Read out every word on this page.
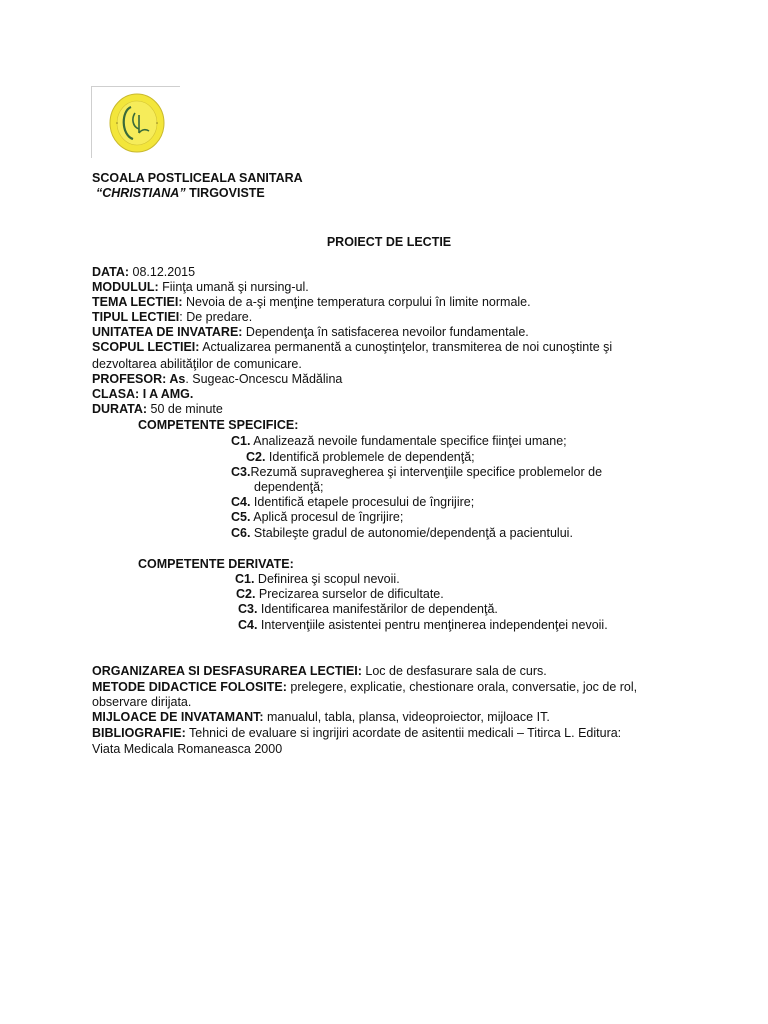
SCOALA POSTLICEALA SANITARA
“CHRISTIANA” TIRGOVISTE
PROIECT DE LECTIE
DATA: 08.12.2015
MODULUL: Fiinţa umană şi nursing-ul.
TEMA LECTIEI: Nevoia de a-şi menţine temperatura corpului în limite normale.
TIPUL LECTIEI: De predare.
UNITATEA DE INVATARE: Dependenţa în satisfacerea nevoilor fundamentale.
SCOPUL LECTIEI: Actualizarea permanentă a cunoştinţelor, transmiterea de noi cunoştinte şi
dezvoltarea abilităţilor de comunicare.
PROFESOR: As. Sugeac-Oncescu Mădălina
CLASA: I A AMG.
DURATA: 50 de minute
COMPETENTE SPECIFICE:
C1. Analizează nevoile fundamentale specifice fiinţei umane;
C2. Identifică problemele de dependenţă;
C3.Rezumă supravegherea şi intervenţiile specifice problemelor de
dependenţă;
C4. Identifică etapele procesului de îngrijire;
C5. Aplică procesul de îngrijire;
C6. Stabileşte gradul de autonomie/dependenţă a pacientului.
COMPETENTE DERIVATE:
C1. Definirea şi scopul nevoii.
C2. Precizarea surselor de dificultate.
C3. Identificarea manifestărilor de dependenţă.
C4. Intervenţiile asistentei pentru menţinerea independenţei nevoii.
ORGANIZAREA SI DESFASURAREA LECTIEI: Loc de desfasurare sala de curs.
METODE DIDACTICE FOLOSITE: prelegere, explicatie, chestionare orala, conversatie, joc de rol,
observare dirijata.
MIJLOACE DE INVATAMANT: manualul, tabla, plansa, videoproiector, mijloace IT.
BIBLIOGRAFIE: Tehnici de evaluare si ingrijiri acordate de asitentii medicali – Titirca L. Editura:
Viata Medicala Romaneasca 2000
